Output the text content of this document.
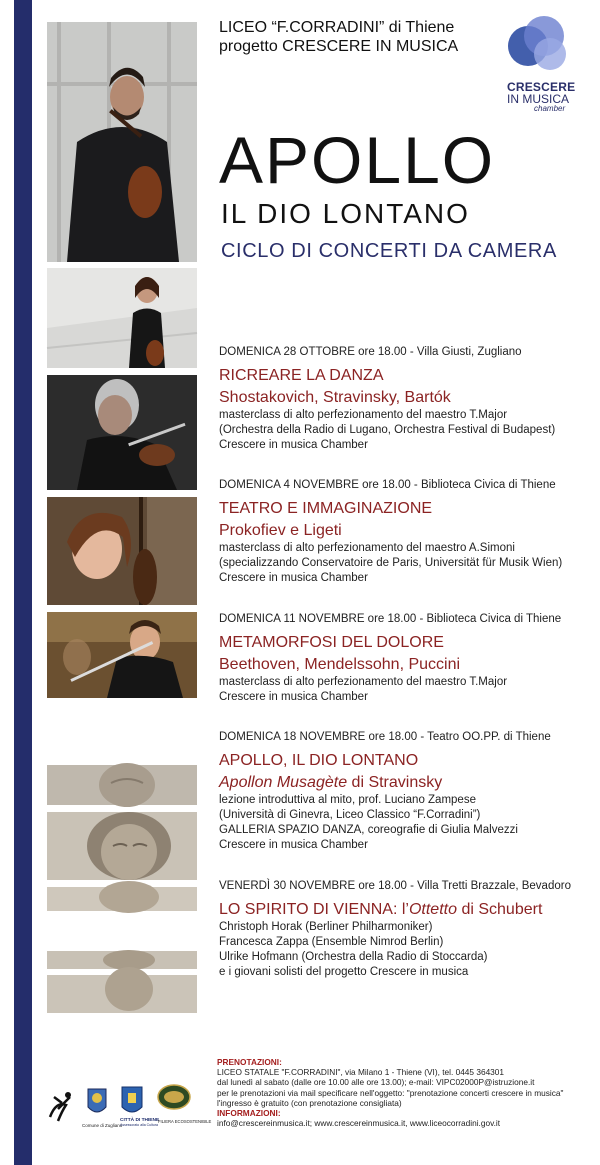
LICEO “F.CORRADINI” di Thiene
progetto CRESCERE IN MUSICA
CRESCERE
IN MUSICA
chamber
APOLLO
IL DIO LONTANO
CICLO DI CONCERTI DA CAMERA
DOMENICA 28 OTTOBRE ore 18.00 - Villa Giusti, Zugliano
RICREARE LA DANZA
Shostakovich, Stravinsky, Bartók
masterclass di alto perfezionamento del maestro T.Major
(Orchestra della Radio di Lugano, Orchestra Festival di Budapest)
Crescere in musica Chamber
DOMENICA 4 NOVEMBRE ore 18.00 - Biblioteca Civica di Thiene
TEATRO E IMMAGINAZIONE
Prokofiev e Ligeti
masterclass di alto perfezionamento del maestro A.Simoni
(specializzando Conservatoire de Paris, Universität für Musik Wien)
Crescere in musica Chamber
DOMENICA 11 NOVEMBRE ore 18.00 - Biblioteca Civica di Thiene
METAMORFOSI DEL DOLORE
Beethoven, Mendelssohn, Puccini
masterclass di alto perfezionamento del maestro T.Major
Crescere in musica Chamber
DOMENICA 18 NOVEMBRE ore 18.00 - Teatro OO.PP. di Thiene
APOLLO, IL DIO LONTANO
Apollon Musagète di Stravinsky
lezione introduttiva al mito, prof. Luciano Zampese
(Università di Ginevra, Liceo Classico “F.Corradini”)
GALLERIA SPAZIO DANZA, coreografie di Giulia Malvezzi
Crescere in musica Chamber
VENERDÌ 30 NOVEMBRE ore 18.00 - Villa Tretti Brazzale, Bevadoro
LO SPIRITO DI VIENNA: l’Ottetto di Schubert
Christoph Horak (Berliner Philharmoniker)
Francesca Zappa (Ensemble Nimrod Berlin)
Ulrike Hofmann (Orchestra della Radio di Stoccarda)
e i giovani solisti del progetto Crescere in musica
Comune di Zugliano
CITTÀ DI THIENE
Assessorato alla Cultura
FILIERA ECOSOSTENIBILE
PRENOTAZIONI:
LICEO STATALE "F.CORRADINI", via Milano 1 - Thiene (VI), tel. 0445 364301
dal lunedì al sabato (dalle ore 10.00 alle ore 13.00); e-mail: VIPC02000P@istruzione.it
per le prenotazioni via mail specificare nell'oggetto: "prenotazione concerti crescere in musica"
l'ingresso è gratuito (con prenotazione consigliata)
INFORMAZIONI:
info@crescereinmusica.it; www.crescereinmusica.it, www.liceocorradini.gov.it
